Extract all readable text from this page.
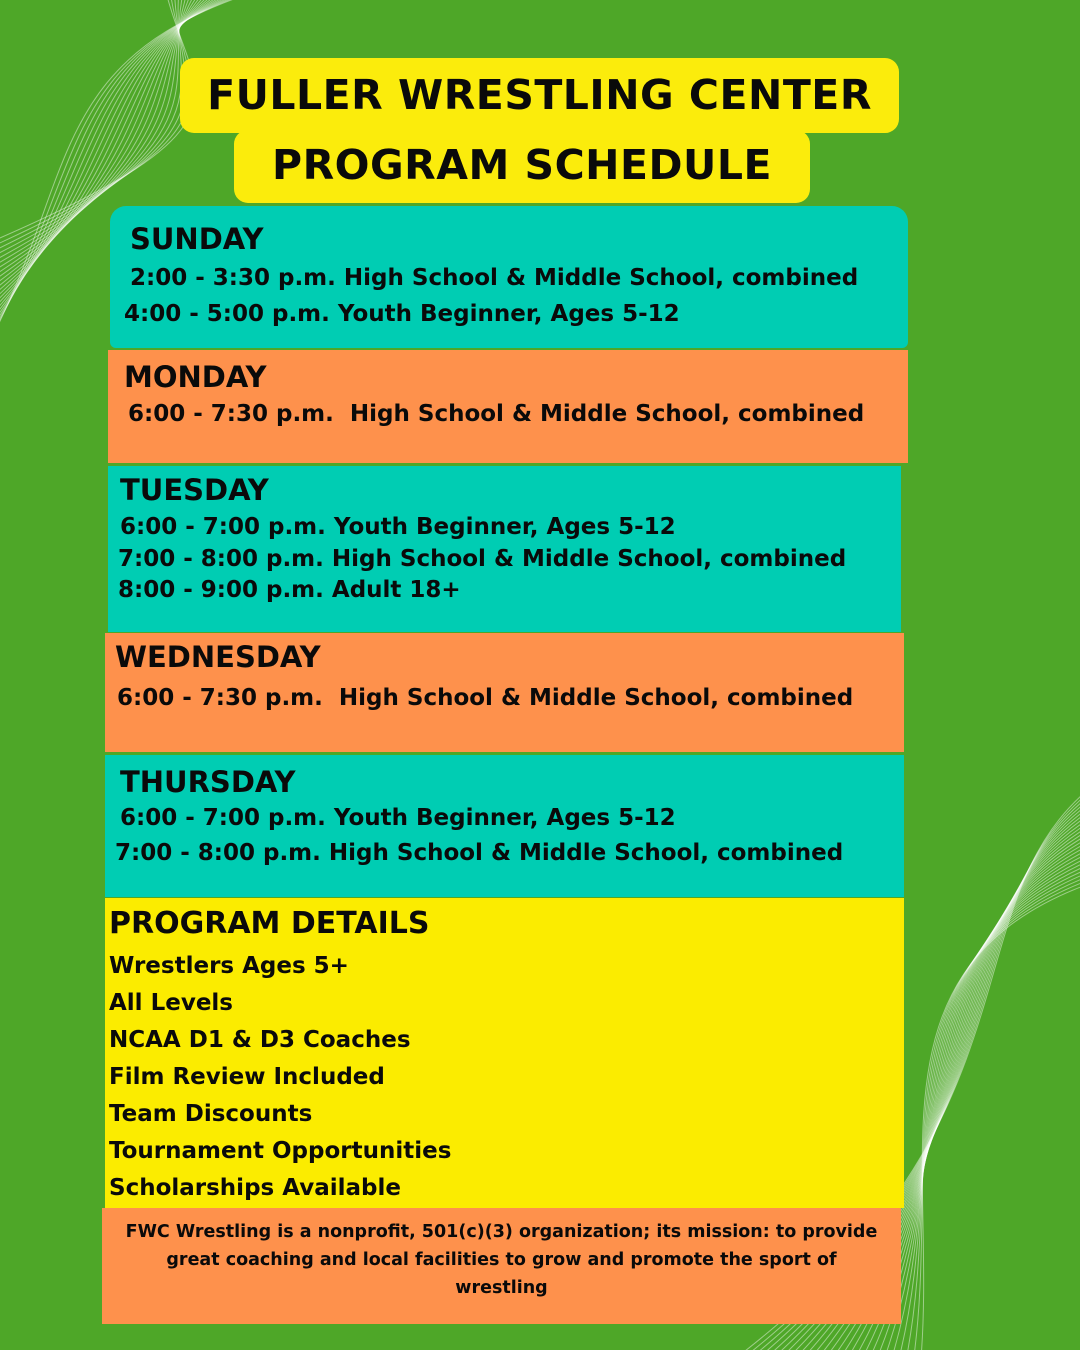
FULLER WRESTLING CENTER
PROGRAM SCHEDULE
SUNDAY
2:00 - 3:30 p.m. High School & Middle School, combined
4:00 - 5:00 p.m. Youth Beginner, Ages 5-12
MONDAY
6:00 - 7:30 p.m.  High School & Middle School, combined
TUESDAY
6:00 - 7:00 p.m. Youth Beginner, Ages 5-12
7:00 - 8:00 p.m. High School & Middle School, combined
8:00 - 9:00 p.m. Adult 18+
WEDNESDAY
6:00 - 7:30 p.m.  High School & Middle School, combined
THURSDAY
6:00 - 7:00 p.m. Youth Beginner, Ages 5-12
7:00 - 8:00 p.m. High School & Middle School, combined
PROGRAM DETAILS
Wrestlers Ages 5+
All Levels
NCAA D1 & D3 Coaches
Film Review Included
Team Discounts
Tournament Opportunities
Scholarships Available
FWC Wrestling is a nonprofit, 501(c)(3) organization; its mission: to provide great coaching and local facilities to grow and promote the sport of wrestling
